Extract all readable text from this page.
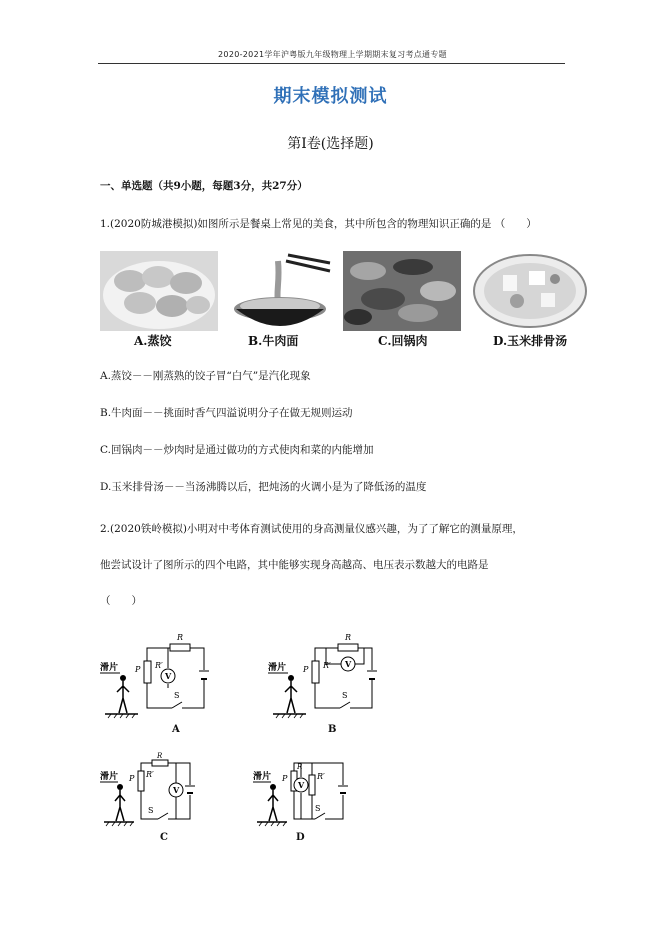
2020-2021学年沪粤版九年级物理上学期期末复习考点通专题
期末模拟测试
第Ⅰ卷(选择题)
一、单选题（共9小题，每题3分，共27分）
1.(2020防城港模拟)如图所示是餐桌上常见的美食，其中所包含的物理知识正确的是 （　　）
A.蒸饺	B.牛肉面	C.回锅肉	D.玉米排骨汤
A.蒸饺－－刚蒸熟的饺子冒“白气”是汽化现象
B.牛肉面－－挑面时香气四溢说明分子在做无规则运动
C.回锅肉－－炒肉时是通过做功的方式使肉和菜的内能增加
D.玉米排骨汤－－当汤沸腾以后，把炖汤的火调小是为了降低汤的温度
2.(2020铁岭模拟)小明对中考体育测试使用的身高测量仪感兴趣，为了了解它的测量原理，
他尝试设计了图所示的四个电路，其中能够实现身高越高、电压表示数越大的电路是
（　　）
滑片 P R′
R
V
S
A
滑片 P R′
R
V
S
B
滑片 P R′
R
V
S
C
滑片 P
R
R′
V
S
D
